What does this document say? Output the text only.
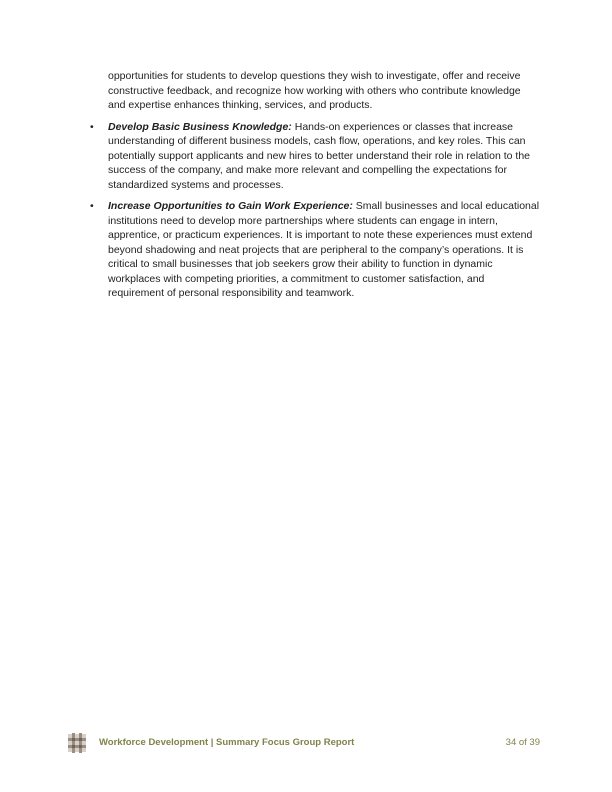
opportunities for students to develop questions they wish to investigate, offer and receive constructive feedback, and recognize how working with others who contribute knowledge and expertise enhances thinking, services, and products.

•	Develop Basic Business Knowledge: Hands-on experiences or classes that increase understanding of different business models, cash flow, operations, and key roles. This can potentially support applicants and new hires to better understand their role in relation to the success of the company, and make more relevant and compelling the expectations for standardized systems and processes.

•	Increase Opportunities to Gain Work Experience: Small businesses and local educational institutions need to develop more partnerships where students can engage in intern, apprentice, or practicum experiences. It is important to note these experiences must extend beyond shadowing and neat projects that are peripheral to the company’s operations. It is critical to small businesses that job seekers grow their ability to function in dynamic workplaces with competing priorities, a commitment to customer satisfaction, and requirement of personal responsibility and teamwork.

Workforce Development | Summary Focus Group Report	34 of 39
